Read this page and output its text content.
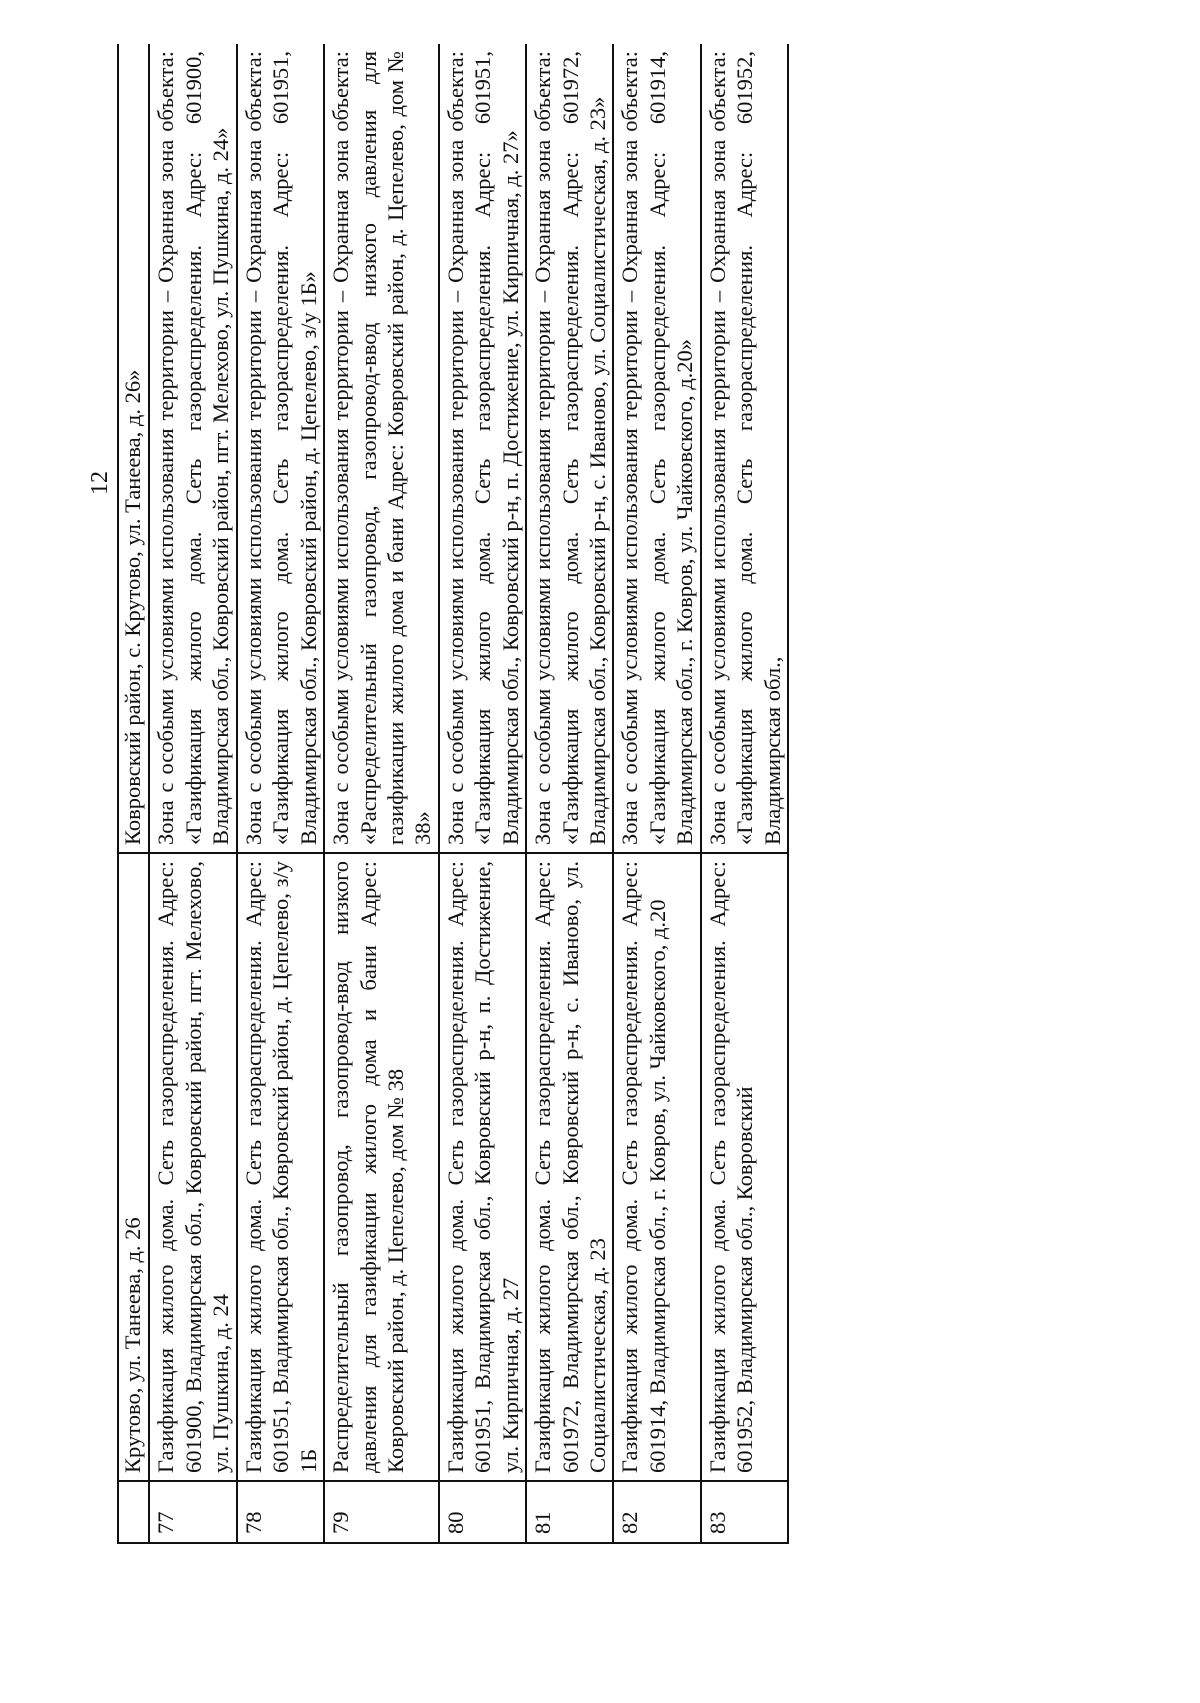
12
	Крутово, ул. Танеева, д. 26	Ковровский район, с. Крутово, ул. Танеева, д. 26»
77	Газификация жилого дома. Сеть газораспределения. Адрес: 601900, Владимирская обл., Ковровский район, пгт. Мелехово, ул. Пушкина, д. 24	Зона с особыми условиями использования территории – Охранная зона объекта: «Газификация жилого дома. Сеть газораспределения. Адрес: 601900, Владимирская обл., Ковровский район, пгт. Мелехово, ул. Пушкина, д. 24»
78	Газификация жилого дома. Сеть газораспределения. Адрес: 601951, Владимирская обл., Ковровский район, д. Цепелево, з/у 1Б	Зона с особыми условиями использования территории – Охранная зона объекта: «Газификация жилого дома. Сеть газораспределения. Адрес: 601951, Владимирская обл., Ковровский район, д. Цепелево, з/у 1Б»
79	Распределительный газопровод, газопровод-ввод низкого давления для газификации жилого дома и бани Адрес: Ковровский район, д. Цепелево, дом № 38	Зона с особыми условиями использования территории – Охранная зона объекта: «Распределительный газопровод, газопровод-ввод низкого давления для газификации жилого дома и бани Адрес: Ковровский район, д. Цепелево, дом № 38»
80	Газификация жилого дома. Сеть газораспределения. Адрес: 601951, Владимирская обл., Ковровский р-н, п. Достижение, ул. Кирпичная, д. 27	Зона с особыми условиями использования территории – Охранная зона объекта: «Газификация жилого дома. Сеть газораспределения. Адрес: 601951, Владимирская обл., Ковровский р-н, п. Достижение, ул. Кирпичная, д. 27»
81	Газификация жилого дома. Сеть газораспределения. Адрес: 601972, Владимирская обл., Ковровский р-н, с. Иваново, ул. Социалистическая, д. 23	Зона с особыми условиями использования территории – Охранная зона объекта: «Газификация жилого дома. Сеть газораспределения. Адрес: 601972, Владимирская обл., Ковровский р-н, с. Иваново, ул. Социалистическая, д. 23»
82	Газификация жилого дома. Сеть газораспределения. Адрес: 601914, Владимирская обл., г. Ковров, ул. Чайковского, д.20	Зона с особыми условиями использования территории – Охранная зона объекта: «Газификация жилого дома. Сеть газораспределения. Адрес: 601914, Владимирская обл., г. Ковров, ул. Чайковского, д.20»
83	Газификация жилого дома. Сеть газораспределения. Адрес: 601952, Владимирская обл., Ковровский	Зона с особыми условиями использования территории – Охранная зона объекта: «Газификация жилого дома. Сеть газораспределения. Адрес: 601952, Владимирская обл.,
